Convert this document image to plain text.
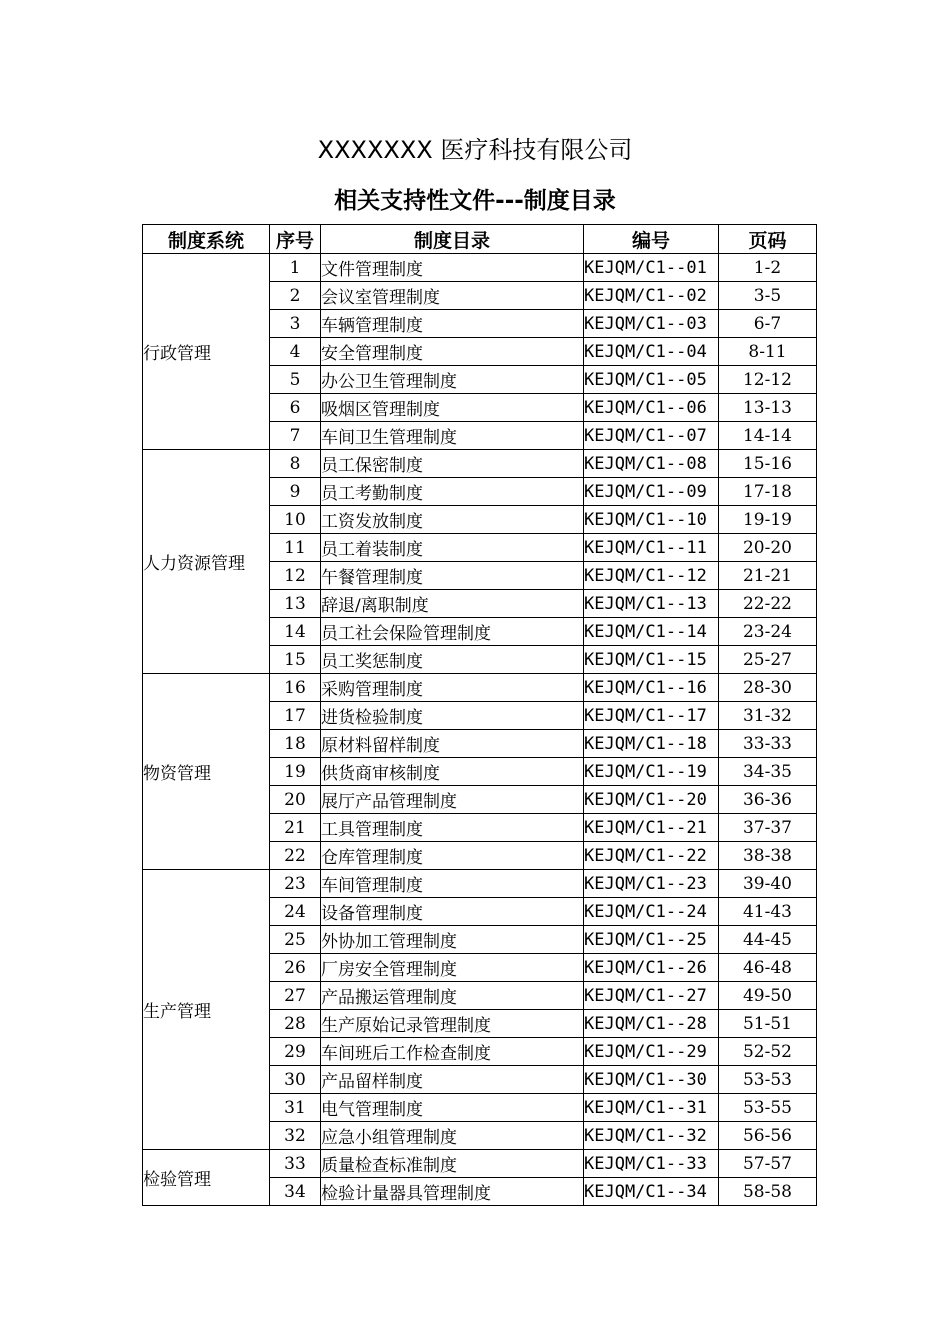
XXXXXXX 医疗科技有限公司
相关支持性文件---制度目录
制度系统	序号	制度目录	编号	页码
行政管理	1	文件管理制度	KEJQM/C1--01	1-2
	2	会议室管理制度	KEJQM/C1--02	3-5
	3	车辆管理制度	KEJQM/C1--03	6-7
	4	安全管理制度	KEJQM/C1--04	8-11
	5	办公卫生管理制度	KEJQM/C1--05	12-12
	6	吸烟区管理制度	KEJQM/C1--06	13-13
	7	车间卫生管理制度	KEJQM/C1--07	14-14
人力资源管理	8	员工保密制度	KEJQM/C1--08	15-16
	9	员工考勤制度	KEJQM/C1--09	17-18
	10	工资发放制度	KEJQM/C1--10	19-19
	11	员工着装制度	KEJQM/C1--11	20-20
	12	午餐管理制度	KEJQM/C1--12	21-21
	13	辞退/离职制度	KEJQM/C1--13	22-22
	14	员工社会保险管理制度	KEJQM/C1--14	23-24
	15	员工奖惩制度	KEJQM/C1--15	25-27
物资管理	16	采购管理制度	KEJQM/C1--16	28-30
	17	进货检验制度	KEJQM/C1--17	31-32
	18	原材料留样制度	KEJQM/C1--18	33-33
	19	供货商审核制度	KEJQM/C1--19	34-35
	20	展厅产品管理制度	KEJQM/C1--20	36-36
	21	工具管理制度	KEJQM/C1--21	37-37
	22	仓库管理制度	KEJQM/C1--22	38-38
生产管理	23	车间管理制度	KEJQM/C1--23	39-40
	24	设备管理制度	KEJQM/C1--24	41-43
	25	外协加工管理制度	KEJQM/C1--25	44-45
	26	厂房安全管理制度	KEJQM/C1--26	46-48
	27	产品搬运管理制度	KEJQM/C1--27	49-50
	28	生产原始记录管理制度	KEJQM/C1--28	51-51
	29	车间班后工作检查制度	KEJQM/C1--29	52-52
	30	产品留样制度	KEJQM/C1--30	53-53
	31	电气管理制度	KEJQM/C1--31	53-55
	32	应急小组管理制度	KEJQM/C1--32	56-56
检验管理	33	质量检查标准制度	KEJQM/C1--33	57-57
	34	检验计量器具管理制度	KEJQM/C1--34	58-58
